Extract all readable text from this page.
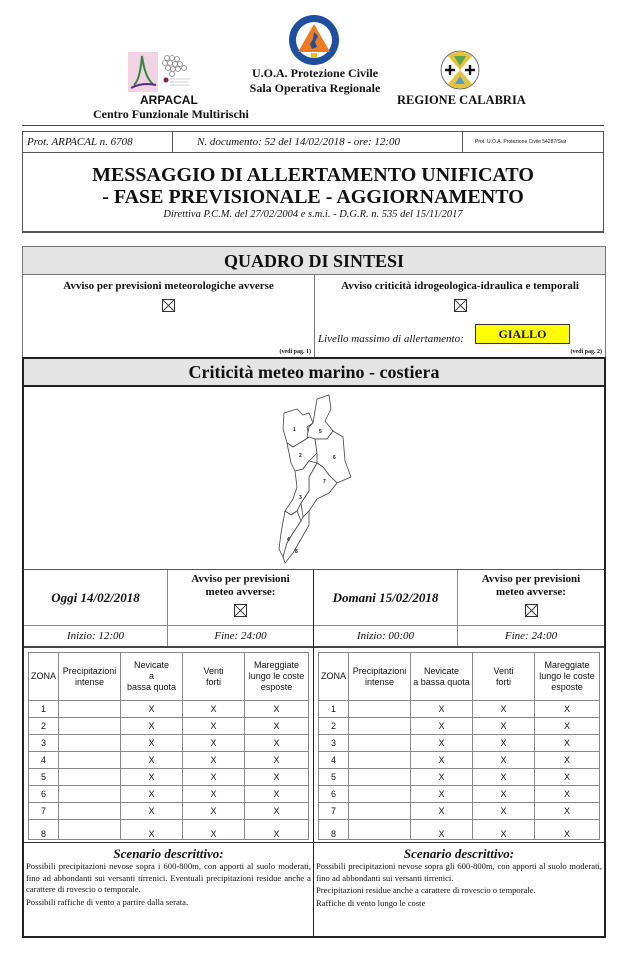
ARPACAL
Centro Funzionale Multirischi
U.O.A. Protezione Civile
Sala Operativa Regionale
REGIONE CALABRIA
Prot. ARPACAL n. 6708	N. documento: 52 del 14/02/2018 - ore: 12:00	Prot. U.O.A. Protezione Civile 54287/Siar
MESSAGGIO DI ALLERTAMENTO UNIFICATO
- FASE PREVISIONALE - AGGIORNAMENTO
Direttiva P.C.M. del 27/02/2004 e s.m.i. - D.G.R. n. 535 del 15/11/2017
QUADRO DI SINTESI
Avviso per previsioni meteorologiche avverse
(vedi pag. 1)
Avviso criticità idrogeologica-idraulica e temporali
Livello massimo di allertamento:	GIALLO
(vedi pag. 2)
Criticità meteo marino - costiera
1
2
3
4
5
6
7
8
Oggi 14/02/2018
Avviso per previsioni
meteo avverse:
Inizio: 12:00	Fine: 24:00
ZONA	Precipitazioni
intense	Nevicate
a
bassa quota	Venti
forti	Mareggiate
lungo le coste
esposte
1		X	X	X
2		X	X	X
3		X	X	X
4		X	X	X
5		X	X	X
6		X	X	X
7		X	X	X
8		X	X	X
Scenario descrittivo:

Possibili precipitazioni nevose sopra i 600-800m, con apporti al suolo moderati, fino ad abbondanti sui versanti tirrenici. Eventuali precipitazioni residue anche a carattere di rovescio o temporale.

Possibili raffiche di vento a partire dalla serata.

Domani 15/02/2018
Avviso per previsioni
meteo avverse:
Inizio: 00:00	Fine: 24:00
ZONA	Precipitazioni
intense	Nevicate
a bassa quota	Venti
forti	Mareggiate
lungo le coste
esposte
1		X	X	X
2		X	X	X
3		X	X	X
4		X	X	X
5		X	X	X
6		X	X	X
7		X	X	X
8		X	X	X
Scenario descrittivo:

Possibili precipitazioni nevose sopra gli 600-800m, con apporti al suolo moderati, fino ad abbondanti sui versanti tirrenici.

Precipitazioni residue anche a carattere di rovescio o temporale.

Raffiche di vento lungo le coste
